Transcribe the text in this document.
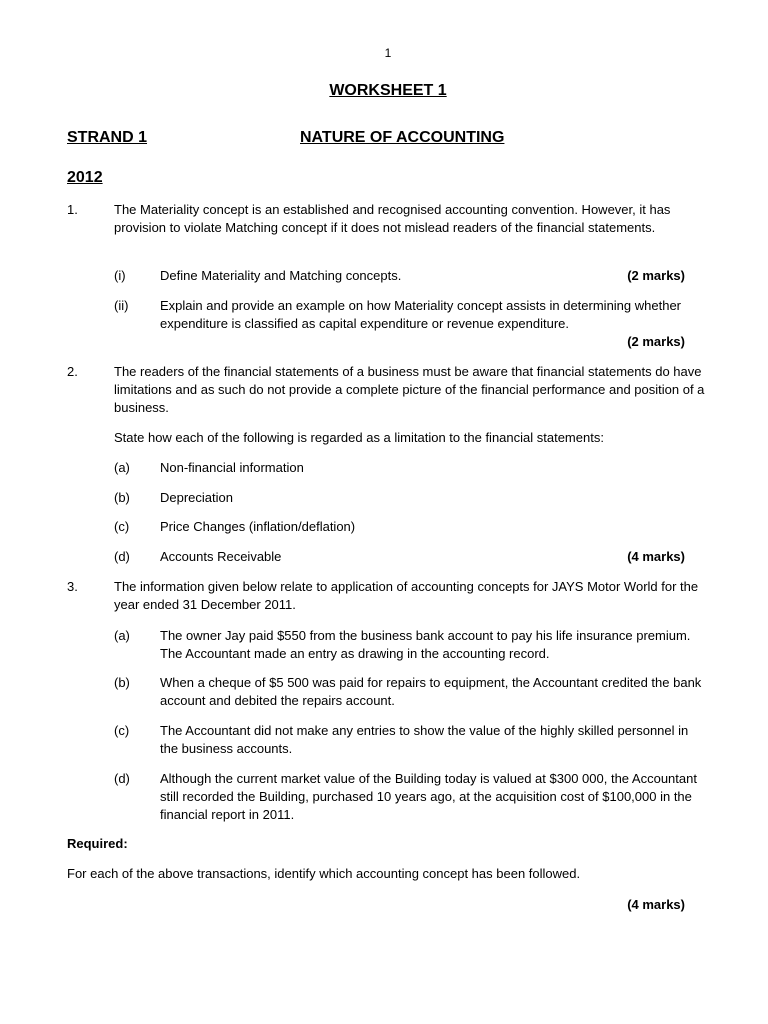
1
WORKSHEET 1
STRAND 1	NATURE OF ACCOUNTING
2012
1.	The Materiality concept is an established and recognised accounting convention. However, it has provision to violate Matching concept if it does not mislead readers of the financial statements.
(i)	Define Materiality and Matching concepts.	(2 marks)
(ii) Explain and provide an example on how Materiality concept assists in determining whether expenditure is classified as capital expenditure or revenue expenditure.
(2 marks)
2.	The readers of the financial statements of a business must be aware that financial statements do have limitations and as such do not provide a complete picture of the financial performance and position of a business.
State how each of the following is regarded as a limitation to the financial statements:
(a) Non-financial information
(b) Depreciation
(c) Price Changes (inflation/deflation)
(d) Accounts Receivable	(4 marks)
3.	The information given below relate to application of accounting concepts for JAYS Motor World for the year ended 31 December 2011.
(a) The owner Jay paid $550 from the business bank account to pay his life insurance premium. The Accountant made an entry as drawing in the accounting record.
(b) When a cheque of $5 500 was paid for repairs to equipment, the Accountant credited the bank account and debited the repairs account.
(c) The Accountant did not make any entries to show the value of the highly skilled personnel in the business accounts.
(d) Although the current market value of the Building today is valued at $300 000, the Accountant still recorded the Building, purchased 10 years ago, at the acquisition cost of $100,000 in the financial report in 2011.
Required:
For each of the above transactions, identify which accounting concept has been followed.
(4 marks)
